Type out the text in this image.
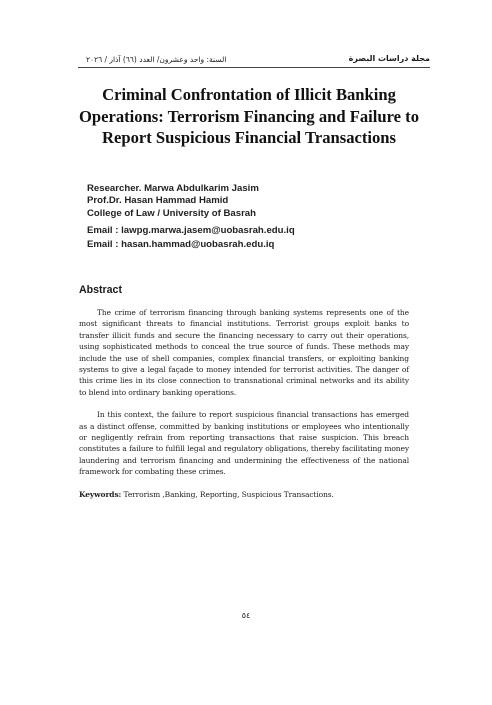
مجلة دراسات البصرة
السنة: واحد وعشرون/ العدد (٦٦) آذار / ٢٠٢٦
Criminal Confrontation of Illicit Banking Operations: Terrorism Financing and Failure to Report Suspicious Financial Transactions
Researcher. Marwa Abdulkarim Jasim
Prof.Dr. Hasan Hammad Hamid
College of Law / University of Basrah
Email : lawpg.marwa.jasem@uobasrah.edu.iq
Email : hasan.hammad@uobasrah.edu.iq
Abstract

The crime of terrorism financing through banking systems represents one of the most significant threats to financial institutions. Terrorist groups exploit banks to transfer illicit funds and secure the financing necessary to carry out their operations, using sophisticated methods to conceal the true source of funds. These methods may include the use of shell companies, complex financial transfers, or exploiting banking systems to give a legal façade to money intended for terrorist activities. The danger of this crime lies in its close connection to transnational criminal networks and its ability to blend into ordinary banking operations.

In this context, the failure to report suspicious financial transactions has emerged as a distinct offense, committed by banking institutions or employees who intentionally or negligently refrain from reporting transactions that raise suspicion. This breach constitutes a failure to fulfill legal and regulatory obligations, thereby facilitating money laundering and terrorism financing and undermining the effectiveness of the national framework for combating these crimes.

Keywords: Terrorism ,Banking, Reporting, Suspicious Transactions.
٥٤
